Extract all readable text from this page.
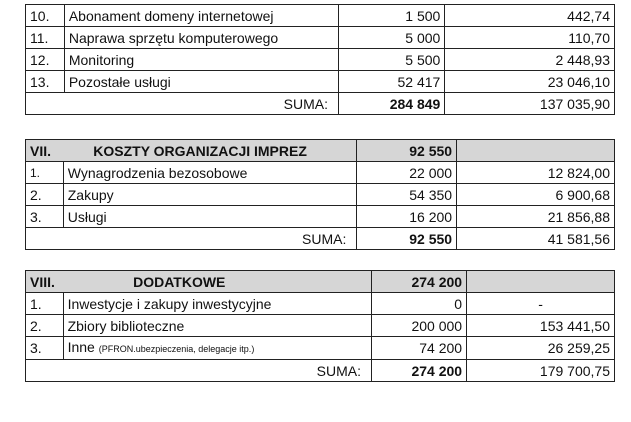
10.	Abonament domeny internetowej	1 500	442,74
11.	Naprawa sprzętu komputerowego	5 000	110,70
12.	Monitoring	5 500	2 448,93
13.	Pozostałe usługi	52 417	23 046,10
SUMA:		284 849	137 035,90
VII.	KOSZTY ORGANIZACJI IMPREZ	92 550	
1.	Wynagrodzenia bezosobowe	22 000	12 824,00
2.	Zakupy	54 350	6 900,68
3.	Usługi	16 200	21 856,88
SUMA:		92 550	41 581,56
VIII.	DODATKOWE	274 200	
1.	Inwestycje i zakupy inwestycyjne	0	-
2.	Zbiory biblioteczne	200 000	153 441,50
3.	Inne (PFRON.ubezpieczenia, delegacje itp.)	74 200	26 259,25
SUMA:		274 200	179 700,75
